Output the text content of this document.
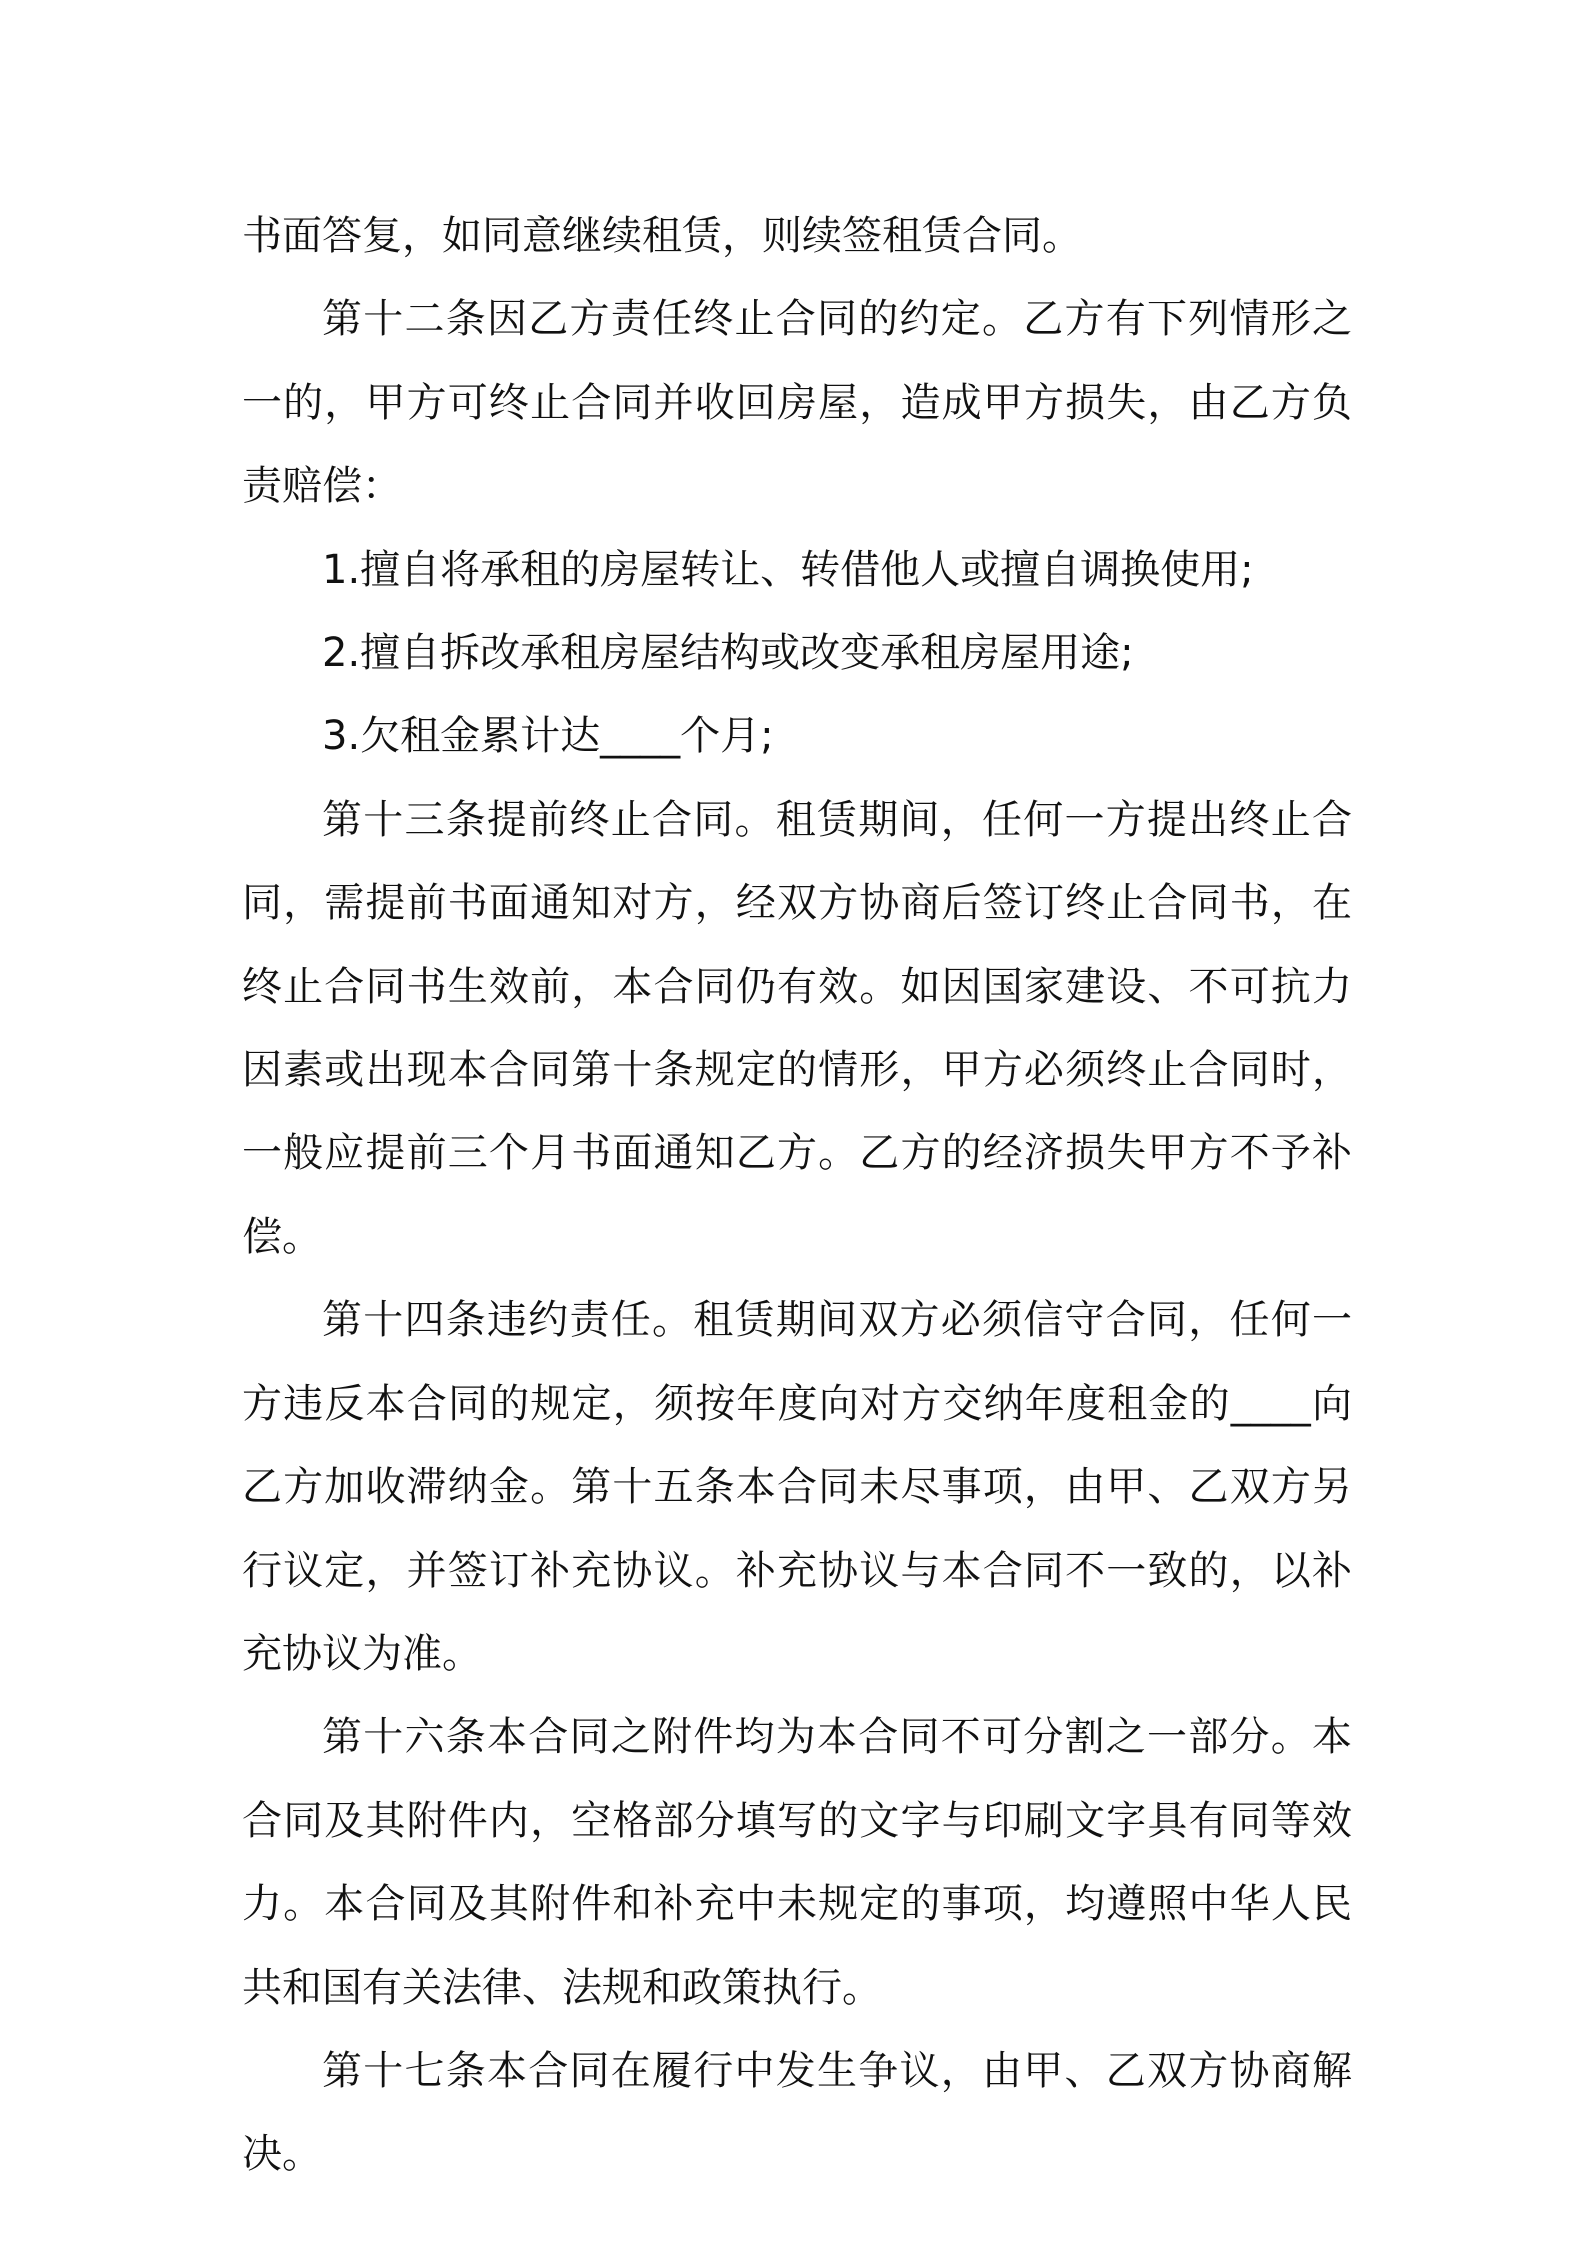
书面答复，如同意继续租赁，则续签租赁合同。

第十二条因乙方责任终止合同的约定。乙方有下列情形之一的，甲方可终止合同并收回房屋，造成甲方损失，由乙方负责赔偿：

1.擅自将承租的房屋转让、转借他人或擅自调换使用;

2.擅自拆改承租房屋结构或改变承租房屋用途;

3.欠租金累计达____个月;

第十三条提前终止合同。租赁期间，任何一方提出终止合同，需提前书面通知对方，经双方协商后签订终止合同书，在终止合同书生效前，本合同仍有效。如因国家建设、不可抗力因素或出现本合同第十条规定的情形，甲方必须终止合同时，一般应提前三个月书面通知乙方。乙方的经济损失甲方不予补偿。

第十四条违约责任。租赁期间双方必须信守合同，任何一方违反本合同的规定，须按年度向对方交纳年度租金的____向乙方加收滞纳金。第十五条本合同未尽事项，由甲、乙双方另行议定，并签订补充协议。补充协议与本合同不一致的，以补充协议为准。

第十六条本合同之附件均为本合同不可分割之一部分。本合同及其附件内，空格部分填写的文字与印刷文字具有同等效力。本合同及其附件和补充中未规定的事项，均遵照中华人民共和国有关法律、法规和政策执行。

第十七条本合同在履行中发生争议，由甲、乙双方协商解决。
